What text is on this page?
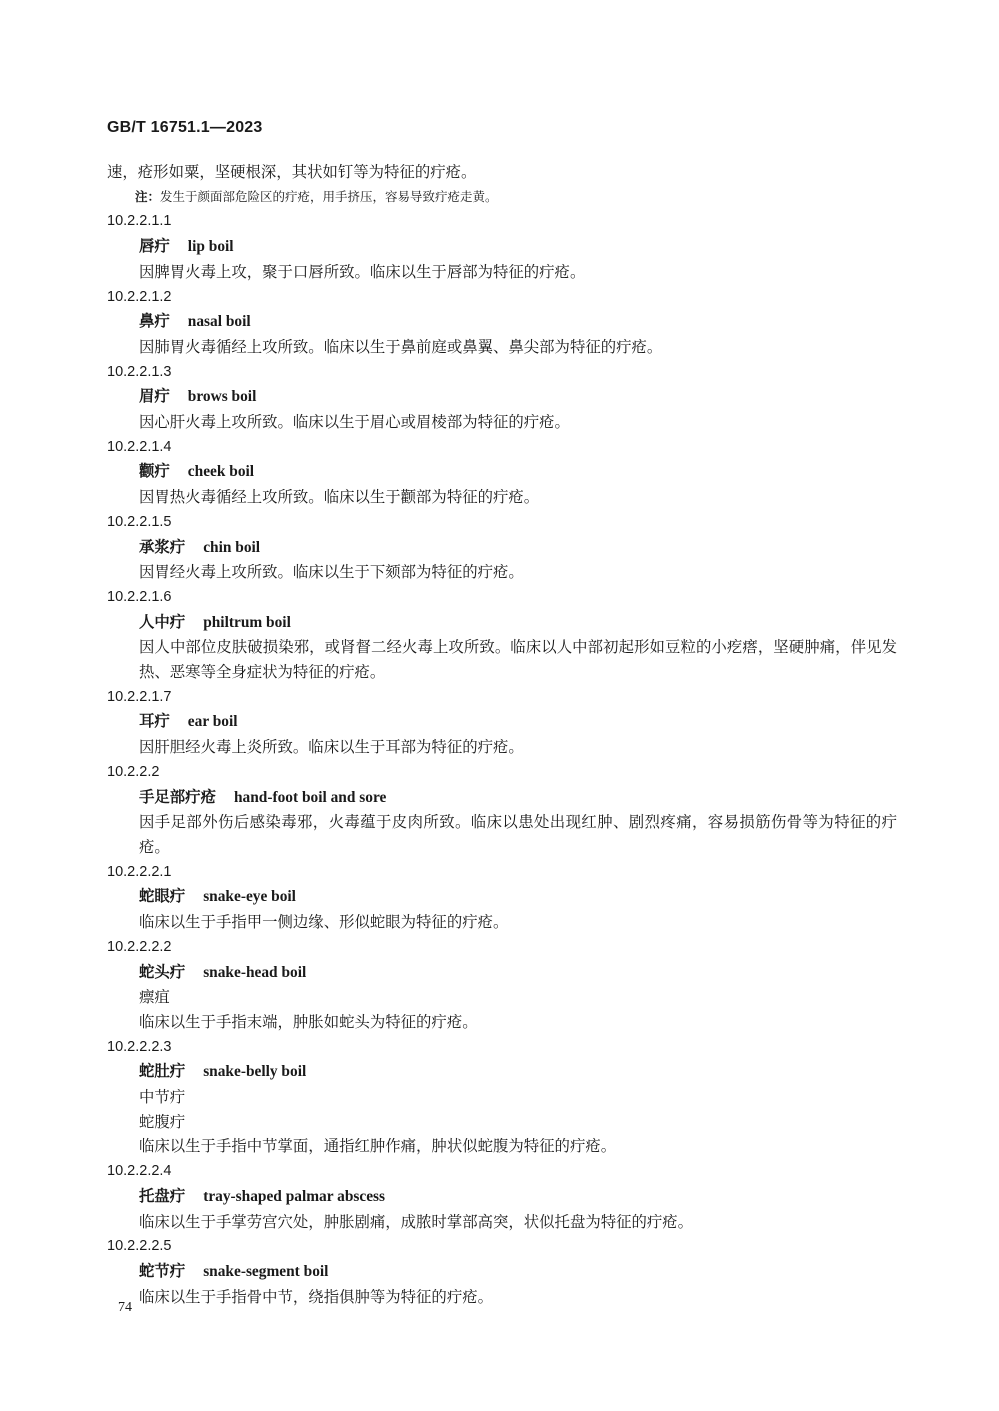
GB/T 16751.1—2023
速，疮形如粟，坚硬根深，其状如钉等为特征的疔疮。
注：发生于颜面部危险区的疔疮，用手挤压，容易导致疔疮走黄。
10.2.2.1.1
唇疔 lip boil
因脾胃火毒上攻，聚于口唇所致。临床以生于唇部为特征的疔疮。
10.2.2.1.2
鼻疔 nasal boil
因肺胃火毒循经上攻所致。临床以生于鼻前庭或鼻翼、鼻尖部为特征的疔疮。
10.2.2.1.3
眉疔 brows boil
因心肝火毒上攻所致。临床以生于眉心或眉棱部为特征的疔疮。
10.2.2.1.4
颧疔 cheek boil
因胃热火毒循经上攻所致。临床以生于颧部为特征的疔疮。
10.2.2.1.5
承浆疔 chin boil
因胃经火毒上攻所致。临床以生于下颏部为特征的疔疮。
10.2.2.1.6
人中疔 philtrum boil
因人中部位皮肤破损染邪，或肾督二经火毒上攻所致。临床以人中部初起形如豆粒的小疙瘩，坚硬肿痛，伴见发热、恶寒等全身症状为特征的疔疮。
10.2.2.1.7
耳疔 ear boil
因肝胆经火毒上炎所致。临床以生于耳部为特征的疔疮。
10.2.2.2
手足部疔疮 hand-foot boil and sore
因手足部外伤后感染毒邪，火毒蕴于皮肉所致。临床以患处出现红肿、剧烈疼痛，容易损筋伤骨等为特征的疔疮。
10.2.2.2.1
蛇眼疔 snake-eye boil
临床以生于手指甲一侧边缘、形似蛇眼为特征的疔疮。
10.2.2.2.2
蛇头疔 snake-head boil
瘭疽
临床以生于手指末端，肿胀如蛇头为特征的疔疮。
10.2.2.2.3
蛇肚疔 snake-belly boil
中节疔
蛇腹疔
临床以生于手指中节掌面，通指红肿作痛，肿状似蛇腹为特征的疔疮。
10.2.2.2.4
托盘疔 tray-shaped palmar abscess
临床以生于手掌劳宫穴处，肿胀剧痛，成脓时掌部高突，状似托盘为特征的疔疮。
10.2.2.2.5
蛇节疔 snake-segment boil
临床以生于手指骨中节，绕指俱肿等为特征的疔疮。
74
